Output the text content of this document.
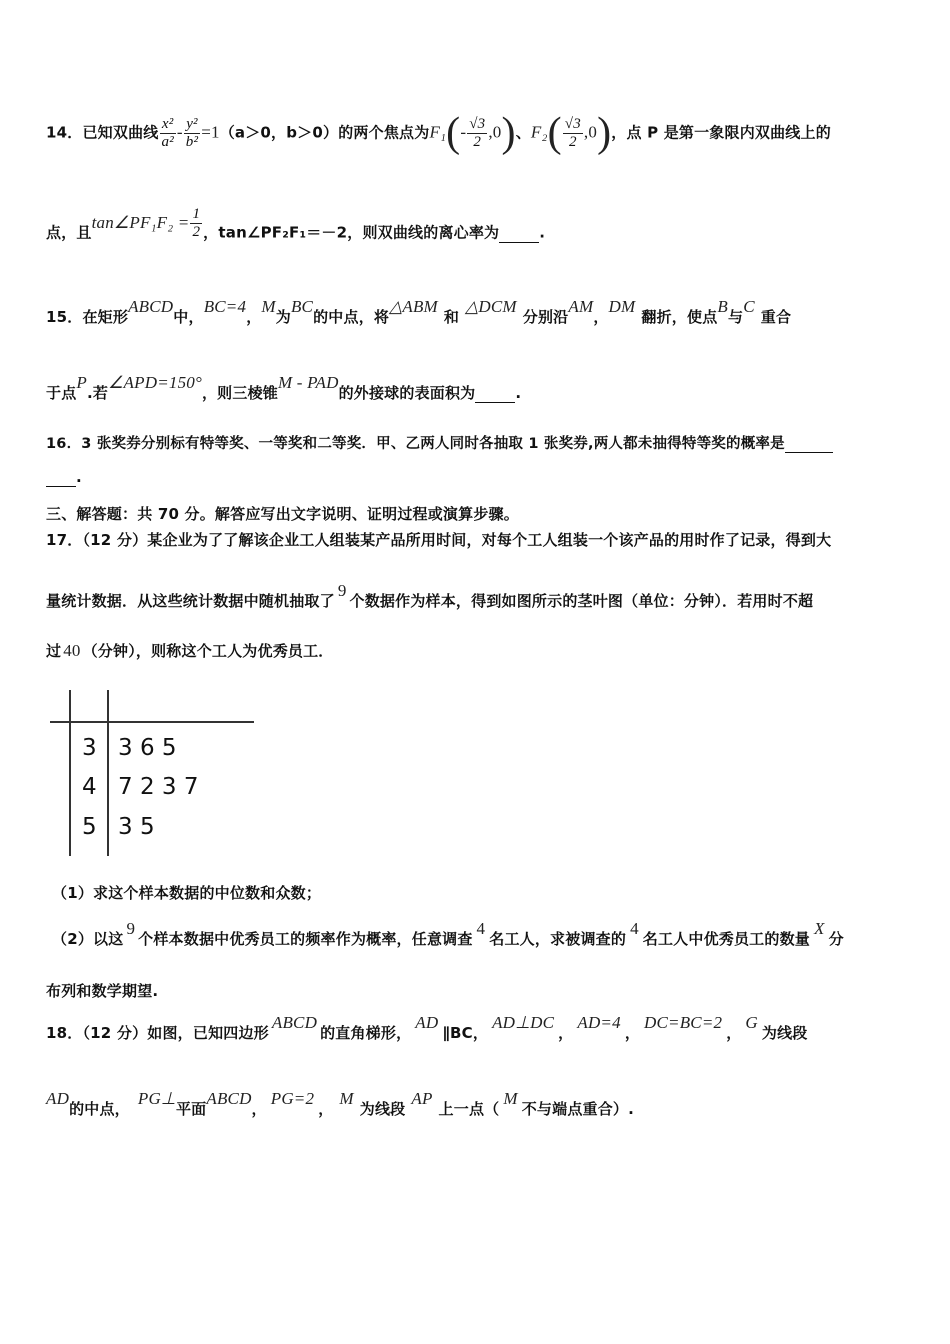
14．已知双曲线 $\frac{\text{x²}}{\text{a²}} - \frac{\text{y²}}{\text{b²}} =1(a>0$，b＞0）的两个焦点为$F_1(- \frac{√3}{2} ,0)$、$F_2( \frac{√3}{2} ,0)$，点 P 是第一象限内双曲线上的
点，且tan∠PF₁F₂ = $\frac{1}{2}$ ，tan∠PF₂F₁＝－2，则双曲线的离心率为	.
15．在矩形ABCD中，BC=4，M为BC的中点，将△ABM和△DCM分别沿AM，DM翻折，使点B与C重合
于点P.若∠APD=150°，则三棱锥M - PAD的外接球的表面积为	.
16．3 张奖券分别标有特等奖、一等奖和二等奖．甲、乙两人同时各抽取 1 张奖券,两人都未抽得特等奖的概率是
.
三、解答题：共 70 分。解答应写出文字说明、证明过程或演算步骤。
17．（12 分）某企业为了了解该企业工人组装某产品所用时间，对每个工人组装一个该产品的用时作了记录，得到大
量统计数据．从这些统计数据中随机抽取了9个数据作为样本，得到如图所示的茎叶图（单位：分钟）．若用时不超
过 40 （分钟），则称这个工人为优秀员工．
3 3 6 5
4 7 2 3 7
5 3 5
（1）求这个样本数据的中位数和众数；
（2）以这9个样本数据中优秀员工的频率作为概率，任意调查4名工人，求被调查的4名工人中优秀员工的数量X分
布列和数学期望.
18．（12 分）如图，已知四边形ABCD的直角梯形，AD∥BC，AD⊥DC，AD=4，DC=BC=2，G为线段
AD的中点，PG⊥平面ABCD，PG=2，M为线段AP上一点（M不与端点重合）.
